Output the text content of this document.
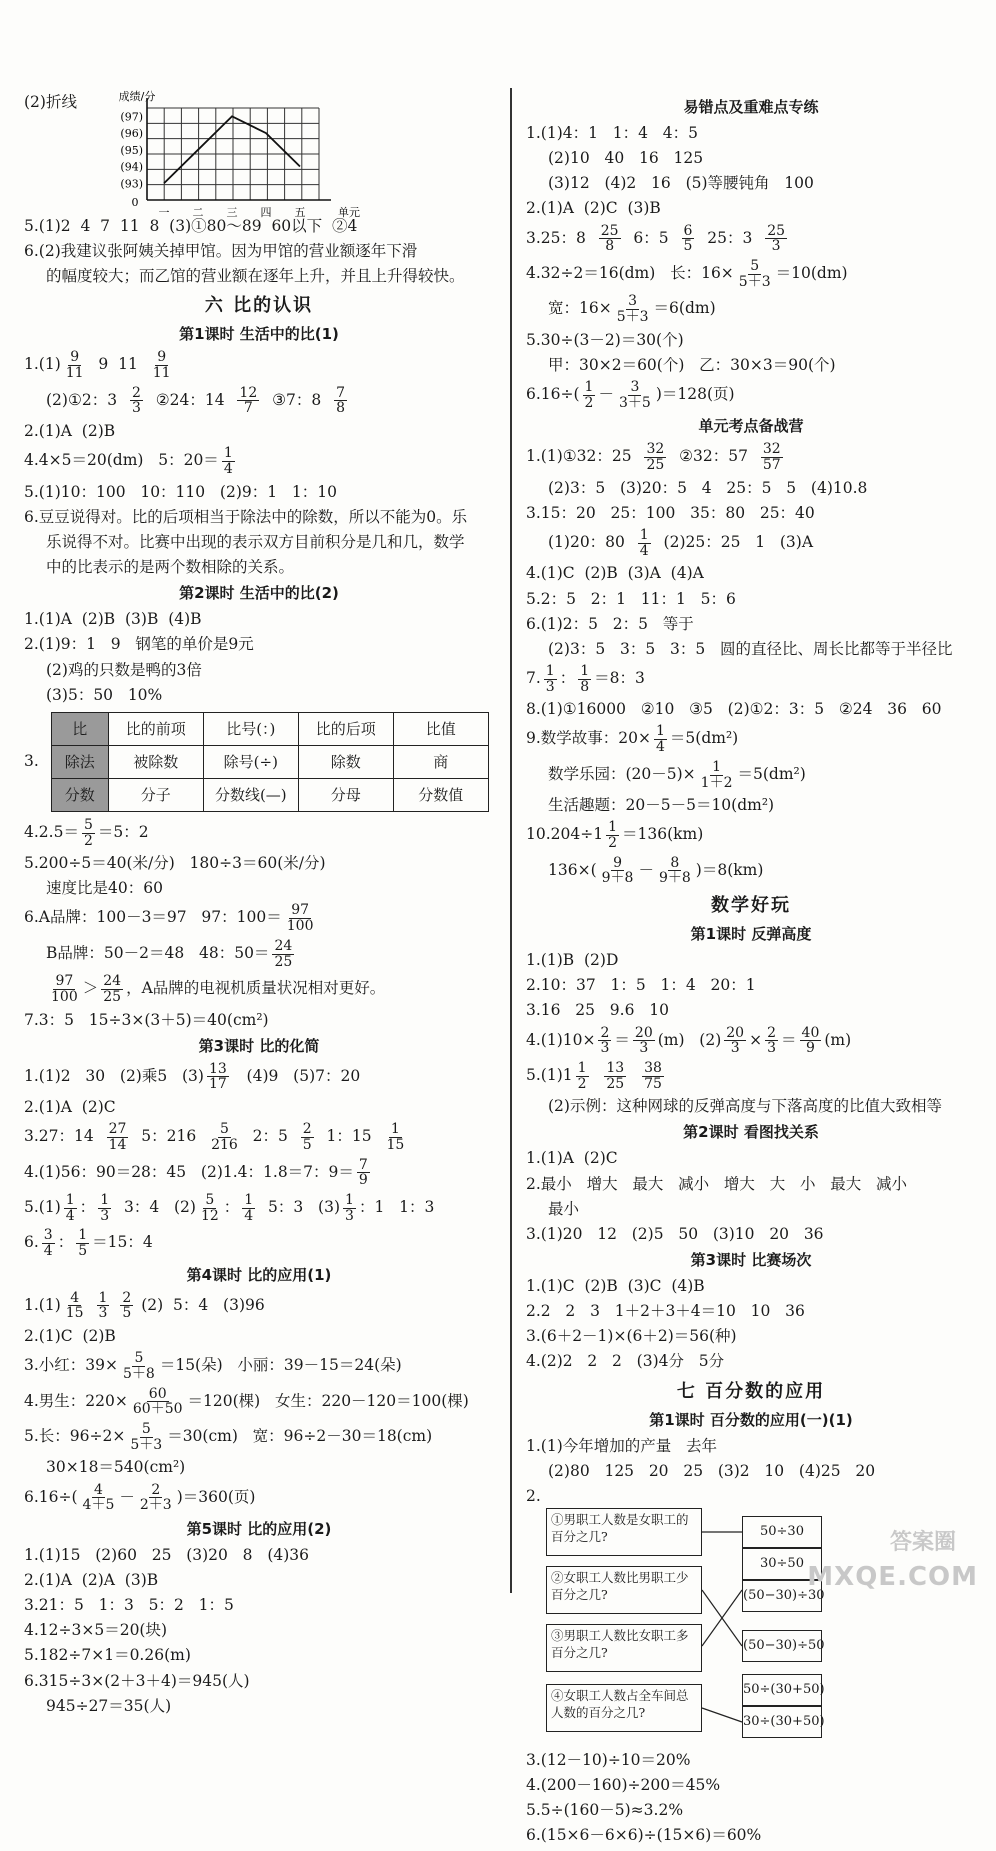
(2)折线	成绩/分
单元
0
(97)
(96)
(95)
(94)
(93)
一 二 三 四 五
5.(1)2  4  7  11  8  (3)①80～89  60以下  ②4
6.(2)我建议张阿姨关掉甲馆。因为甲馆的营业额逐年下滑
的幅度较大；而乙馆的营业额在逐年上升，并且上升得较快。
六 比的认识
第1课时 生活中的比(1)
$1.(1) \frac{9}{11} 9$  $11 \frac{9}{11}$
(2)①2：$3 \frac{2}{3}$ ②24：$14 \frac{12}{7}$ ③7：$8 \frac{7}{8}$
2.(1)A  (2)B
4.4×5＝20(dm)   5：$20= \frac{1}{4}$
5.(1)10：100   10：110   (2)9：1   1：10
6.豆豆说得对。比的后项相当于除法中的除数，所以不能为0。乐
乐说得不对。比赛中出现的表示双方目前积分是几和几，数学
中的比表示的是两个数相除的关系。
第2课时 生活中的比(2)
1.(1)A  (2)B  (3)B  (4)B
2.(1)9：1   9   钢笔的单价是9元
(2)鸡的只数是鸭的3倍
(3)5：50   10%
3.
比	比的前项	比号(：)	比的后项	比值
除法	被除数	除号(÷)	除数	商
分数	分子	分数线(—)	分母	分数值
$4.2.5= \frac{5}{2} =5$：2
5.200÷5＝40(米/分)   180÷3＝60(米/分)
速度比是40：60
6.A品牌：100－3＝97   97：$100= \frac{97}{100}$
B品牌：50－2＝48   48：$50= \frac{24}{25}$
$\frac{97}{100} > \frac{24}{25}$ ，A品牌的电视机质量状况相对更好。
7.3：5   15÷3×(3＋5)＝40(cm²)
第3课时 比的化简
1.(1)2   30   (2)乘5   $(3) \frac{13}{17} (4)9$   (5)7：20
2.(1)A  (2)C
3.27：$14 \frac{27}{14} 5$：$216 \frac{5}{216} 2$：$5 \frac{2}{5} 1$：$15 \frac{1}{15}$
4.(1)56：90＝28：45   (2)1.4：1.8＝7：$9= \frac{7}{9}$
$5.(1) \frac{1}{4}$ ： $\frac{1}{3} 3$：4   $(2) \frac{5}{12}$ ： $\frac{1}{4} 5$：3   $(3) \frac{1}{3}$ ：1   1：3
6. $\frac{3}{4}$ ： $\frac{1}{5} =15$：4
第4课时 比的应用(1)
$1.(1) \frac{4}{15}$
$\frac{1}{3}$
$\frac{2}{5} (2)$  5：4   (3)96
2.(1)C  (2)B
3.小红：$39\times \frac{5}{5+8} =15$(朵)   小丽：39－15＝24(朵)
4.男生：$220\times \frac{60}{60+50} =120$(棵)   女生：220－120＝100(棵)
5.长：$96\div 2\times \frac{5}{5+3} =30(cm)$   宽：96÷2－30＝18(cm)
30×18＝540(cm²)
$6.16\div( \frac{4}{4+5} - \frac{2}{2+3} )=360$(页)
第5课时 比的应用(2)
1.(1)15   (2)60   25   (3)20   8   (4)36
2.(1)A  (2)A  (3)B
3.21：5   1：3   5：2   1：5
4.12÷3×5＝20(块)
5.182÷7×1＝0.26(m)
6.315÷3×(2＋3＋4)＝945(人)
945÷27＝35(人)
易错点及重难点专练
1.(1)4：1   1：4   4：5
(2)10   40   16   125
(3)12   (4)2   16   (5)等腰钝角   100
2.(1)A  (2)C  (3)B
3.25：$8 \frac{25}{8} 6$：$5 \frac{6}{5} 25$：$3 \frac{25}{3}$
4.32÷2＝16(dm)   长：$16\times \frac{5}{5+3} =10(dm)$
宽：$16\times \frac{3}{5+3} =6(dm)$
5.30÷(3－2)＝30(个)
甲：30×2＝60(个)   乙：30×3＝90(个)
$6.16\div( \frac{1}{2} - \frac{3}{3+5} )=128$(页)
单元考点备战营
1.(1)①32：$25 \frac{32}{25}$ ②32：$57 \frac{32}{57}$
(2)3：5   (3)20：5   4   25：5   5   (4)10.8
3.15：20   25：100   35：80   25：40
(1)20：$80 \frac{1}{4} (2)25$：25   1   (3)A
4.(1)C  (2)B  (3)A  (4)A
5.2：5   2：1   11：1   5：6
6.(1)2：5   2：5   等于
(2)3：5   3：5   3：5   圆的直径比、周长比都等于半径比
7. $\frac{1}{3}$ ： $\frac{1}{8} =8$：3
8.(1)①16000   ②10   ③5   (2)①2：3：5   ②24   36   60
9.数学故事：$20\times \frac{1}{4} =5(dm^2)$
数学乐园：$(20-5)\times \frac{1}{1+2} =5(dm^2)$
生活趣题：20－5－5＝10(dm²)
$10.204\div 1 \frac{1}{2} =136(km)$
$136\times( \frac{9}{9+8} - \frac{8}{9+8} )=8(km)$
数学好玩
第1课时 反弹高度
1.(1)B  (2)D
2.10：37   1：5   1：4   20：1
3.16   25   9.6   10
$4.(1)10\times \frac{2}{3} = \frac{20}{3} (m)$   $(2) \frac{20}{3} \times \frac{2}{3} = \frac{40}{9} (m)$
$5.(1)1 \frac{1}{2}$
$\frac{13}{25}$
$\frac{38}{75}$
(2)示例：这种网球的反弹高度与下落高度的比值大致相等
第2课时 看图找关系
1.(1)A  (2)C
2.最小   增大   最大   减小   增大   大   小   最大   减小
最小
3.(1)20   12   (2)5   50   (3)10   20   36
第3课时 比赛场次
1.(1)C  (2)B  (3)C  (4)B
2.2   2   3   1＋2＋3＋4＝10   10   36
3.(6＋2－1)×(6＋2)＝56(种)
4.(2)2   2   2   (3)4分   5分
七 百分数的应用
第1课时 百分数的应用(一)(1)
1.(1)今年增加的产量   去年
(2)80   125   20   25   (3)2   10   (4)25   20
2.
①男职工人数是女职工的百分之几?
②女职工人数比男职工少百分之几?
③男职工人数比女职工多百分之几?
④女职工人数占全车间总人数的百分之几?
50÷30
30÷50
(50−30)÷30
(50−30)÷50
50÷(30+50)
30÷(30+50)
3.(12－10)÷10＝20%
4.(200－160)÷200＝45%
5.5÷(160－5)≈3.2%
6.(15×6－6×6)÷(15×6)＝60%
答案圈
MXQE.COM
